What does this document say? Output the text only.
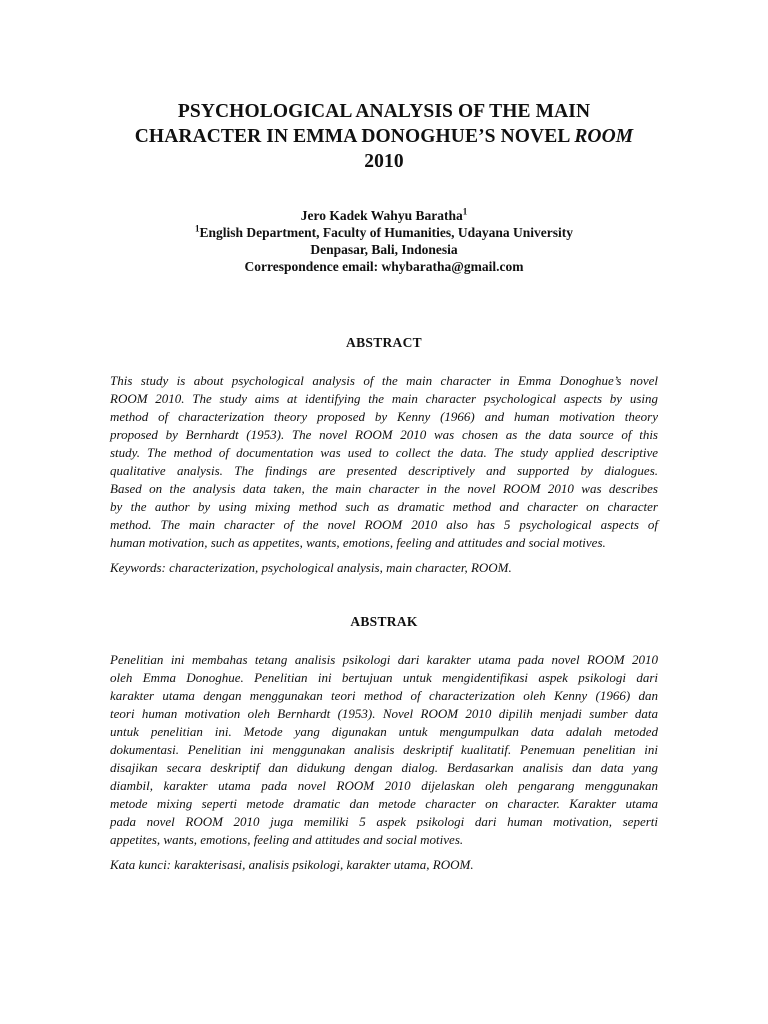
PSYCHOLOGICAL ANALYSIS OF THE MAIN
CHARACTER IN EMMA DONOGHUE’S NOVEL ROOM
2010
Jero Kadek Wahyu Baratha$^1$
$^1$English Department, Faculty of Humanities, Udayana University
Denpasar, Bali, Indonesia
Correspondence email: whybaratha@gmail.com
ABSTRACT
This study is about psychological analysis of the main character in Emma Donoghue’s novel
ROOM 2010. The study aims at identifying the main character psychological aspects by using
method of characterization theory proposed by Kenny (1966) and human motivation theory
proposed by Bernhardt (1953). The novel ROOM 2010 was chosen as the data source of this
study. The method of documentation was used to collect the data. The study applied descriptive
qualitative analysis. The findings are presented descriptively and supported by dialogues.
Based on the analysis data taken, the main character in the novel ROOM 2010 was describes
by the author by using mixing method such as dramatic method and character on character
method. The main character of the novel ROOM 2010 also has 5 psychological aspects of
human motivation, such as appetites, wants, emotions, feeling and attitudes and social motives.
Keywords: characterization, psychological analysis, main character, ROOM.
ABSTRAK
Penelitian ini membahas tetang analisis psikologi dari karakter utama pada novel ROOM 2010
oleh Emma Donoghue. Penelitian ini bertujuan untuk mengidentifikasi aspek psikologi dari
karakter utama dengan menggunakan teori method of characterization oleh Kenny (1966) dan
teori human motivation oleh Bernhardt (1953). Novel ROOM 2010 dipilih menjadi sumber data
untuk penelitian ini. Metode yang digunakan untuk mengumpulkan data adalah metoded
dokumentasi. Penelitian ini menggunakan analisis deskriptif kualitatif. Penemuan penelitian ini
disajikan secara deskriptif dan didukung dengan dialog. Berdasarkan analisis dan data yang
diambil, karakter utama pada novel ROOM 2010 dijelaskan oleh pengarang menggunakan
metode mixing seperti metode dramatic dan metode character on character. Karakter utama
pada novel ROOM 2010 juga memiliki 5 aspek psikologi dari human motivation, seperti
appetites, wants, emotions, feeling and attitudes and social motives.
Kata kunci: karakterisasi, analisis psikologi, karakter utama, ROOM.
